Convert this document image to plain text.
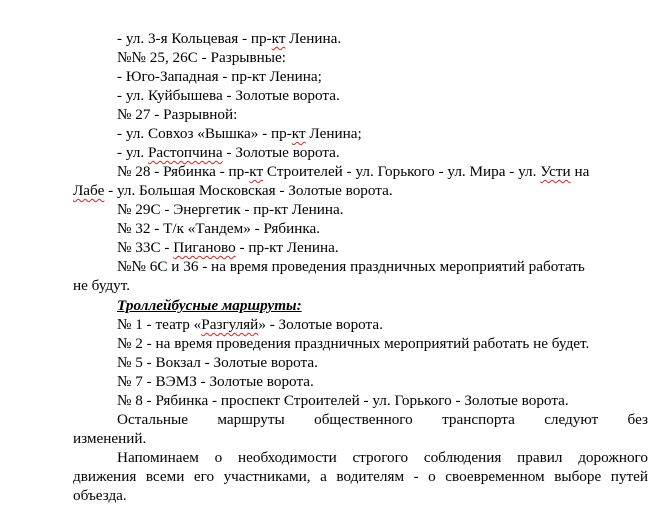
- ул. 3-я Кольцевая - пр-кт Ленина.
№№ 25, 26С - Разрывные:
- Юго-Западная - пр-кт Ленина;
- ул. Куйбышева - Золотые ворота.
№ 27 - Разрывной:
- ул. Совхоз «Вышка» - пр-кт Ленина;
- ул. Растопчина - Золотые ворота.
№ 28 - Рябинка - пр-кт Строителей - ул. Горького - ул. Мира - ул. Усти на
Лабе - ул. Большая Московская - Золотые ворота.
№ 29С - Энергетик - пр-кт Ленина.
№ 32 - Т/к «Тандем» - Рябинка.
№ 33С - Пиганово - пр-кт Ленина.
№№ 6С и 36 - на время проведения праздничных мероприятий работать
не будут.
Троллейбусные маршруты:
№ 1 - театр «Разгуляй» - Золотые ворота.
№ 2 - на время проведения праздничных мероприятий работать не будет.
№ 5 - Вокзал - Золотые ворота.
№ 7 - ВЭМЗ - Золотые ворота.
№ 8 - Рябинка - проспект Строителей - ул. Горького - Золотые ворота.
Остальные маршруты общественного транспорта следуют без
изменений.
Напоминаем о необходимости строгого соблюдения правил дорожного
движения всеми его участниками, а водителям - о своевременном выборе путей
объезда.
